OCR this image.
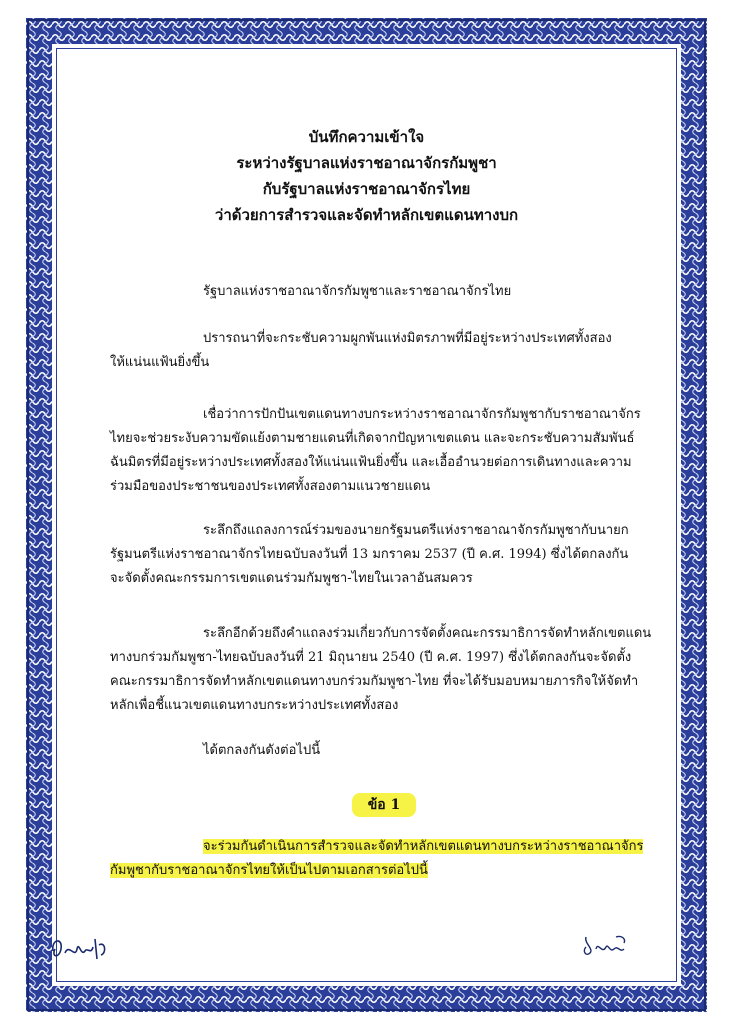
บันทึกความเข้าใจ
ระหว่างรัฐบาลแห่งราชอาณาจักรกัมพูชา
กับรัฐบาลแห่งราชอาณาจักรไทย
ว่าด้วยการสำรวจและจัดทำหลักเขตแดนทางบก
รัฐบาลแห่งราชอาณาจักรกัมพูชาและราชอาณาจักรไทย
ปรารถนาที่จะกระชับความผูกพันแห่งมิตรภาพที่มีอยู่ระหว่างประเทศทั้งสอง
ให้แน่นแฟ้นยิ่งขึ้น
เชื่อว่าการปักปันเขตแดนทางบกระหว่างราชอาณาจักรกัมพูชากับราชอาณาจักร
ไทยจะช่วยระงับความขัดแย้งตามชายแดนที่เกิดจากปัญหาเขตแดน และจะกระชับความสัมพันธ์
ฉันมิตรที่มีอยู่ระหว่างประเทศทั้งสองให้แน่นแฟ้นยิ่งขึ้น และเอื้ออำนวยต่อการเดินทางและความ
ร่วมมือของประชาชนของประเทศทั้งสองตามแนวชายแดน
ระลึกถึงแถลงการณ์ร่วมของนายกรัฐมนตรีแห่งราชอาณาจักรกัมพูชากับนายก
รัฐมนตรีแห่งราชอาณาจักรไทยฉบับลงวันที่ 13 มกราคม 2537 (ปี ค.ศ. 1994) ซึ่งได้ตกลงกัน
จะจัดตั้งคณะกรรมการเขตแดนร่วมกัมพูชา-ไทยในเวลาอันสมควร
ระลึกอีกด้วยถึงคำแถลงร่วมเกี่ยวกับการจัดตั้งคณะกรรมาธิการจัดทำหลักเขตแดน
ทางบกร่วมกัมพูชา-ไทยฉบับลงวันที่ 21 มิถุนายน 2540 (ปี ค.ศ. 1997) ซึ่งได้ตกลงกันจะจัดตั้ง
คณะกรรมาธิการจัดทำหลักเขตแดนทางบกร่วมกัมพูชา-ไทย ที่จะได้รับมอบหมายภารกิจให้จัดทำ
หลักเพื่อชี้แนวเขตแดนทางบกระหว่างประเทศทั้งสอง
ได้ตกลงกันดังต่อไปนี้
ข้อ 1
จะร่วมกันดำเนินการสำรวจและจัดทำหลักเขตแดนทางบกระหว่างราชอาณาจักร
กัมพูชากับราชอาณาจักรไทยให้เป็นไปตามเอกสารต่อไปนี้
